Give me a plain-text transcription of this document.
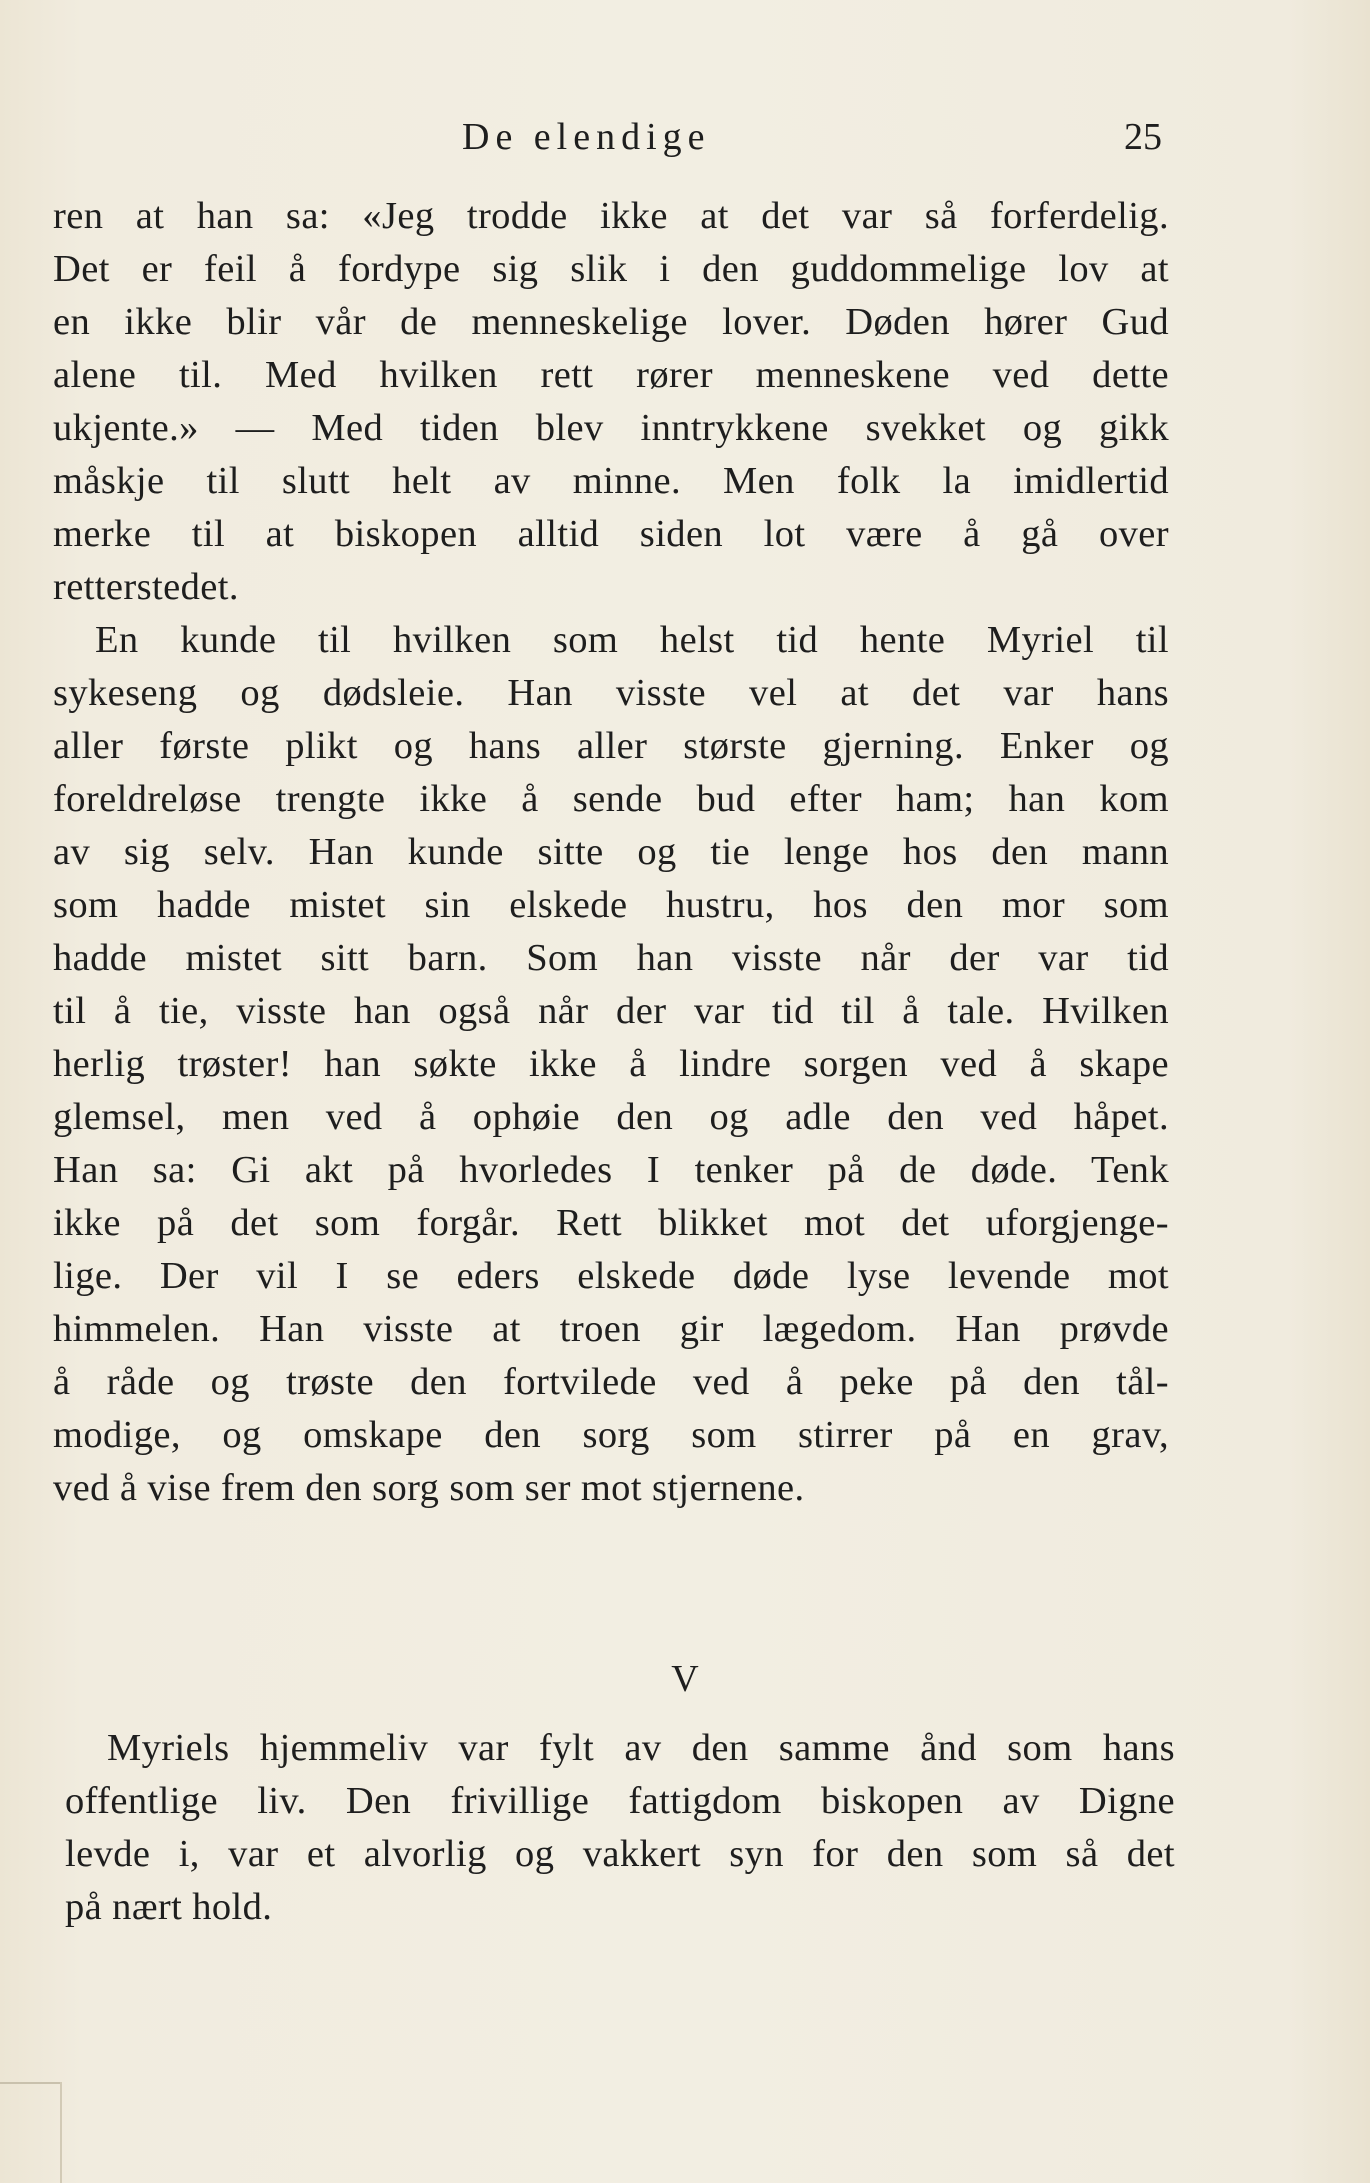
De elendige	25
ren at han sa: «Jeg trodde ikke at det var så forferdelig.
Det er feil å fordype sig slik i den guddommelige lov at
en ikke blir vår de menneskelige lover. Døden hører Gud
alene til. Med hvilken rett rører menneskene ved dette
ukjente.» — Med tiden blev inntrykkene svekket og gikk
måskje til slutt helt av minne. Men folk la imidlertid
merke til at biskopen alltid siden lot være å gå over
retterstedet.
En kunde til hvilken som helst tid hente Myriel til
sykeseng og dødsleie. Han visste vel at det var hans
aller første plikt og hans aller største gjerning. Enker og
foreldreløse trengte ikke å sende bud efter ham; han kom
av sig selv. Han kunde sitte og tie lenge hos den mann
som hadde mistet sin elskede hustru, hos den mor som
hadde mistet sitt barn. Som han visste når der var tid
til å tie, visste han også når der var tid til å tale. Hvilken
herlig trøster! han søkte ikke å lindre sorgen ved å skape
glemsel, men ved å ophøie den og adle den ved håpet.
Han sa: Gi akt på hvorledes I tenker på de døde. Tenk
ikke på det som forgår. Rett blikket mot det uforgjenge-
lige. Der vil I se eders elskede døde lyse levende mot
himmelen. Han visste at troen gir lægedom. Han prøvde
å råde og trøste den fortvilede ved å peke på den tål-
modige, og omskape den sorg som stirrer på en grav,
ved å vise frem den sorg som ser mot stjernene.
V
Myriels hjemmeliv var fylt av den samme ånd som hans
offentlige liv. Den frivillige fattigdom biskopen av Digne
levde i, var et alvorlig og vakkert syn for den som så det
på nært hold.
